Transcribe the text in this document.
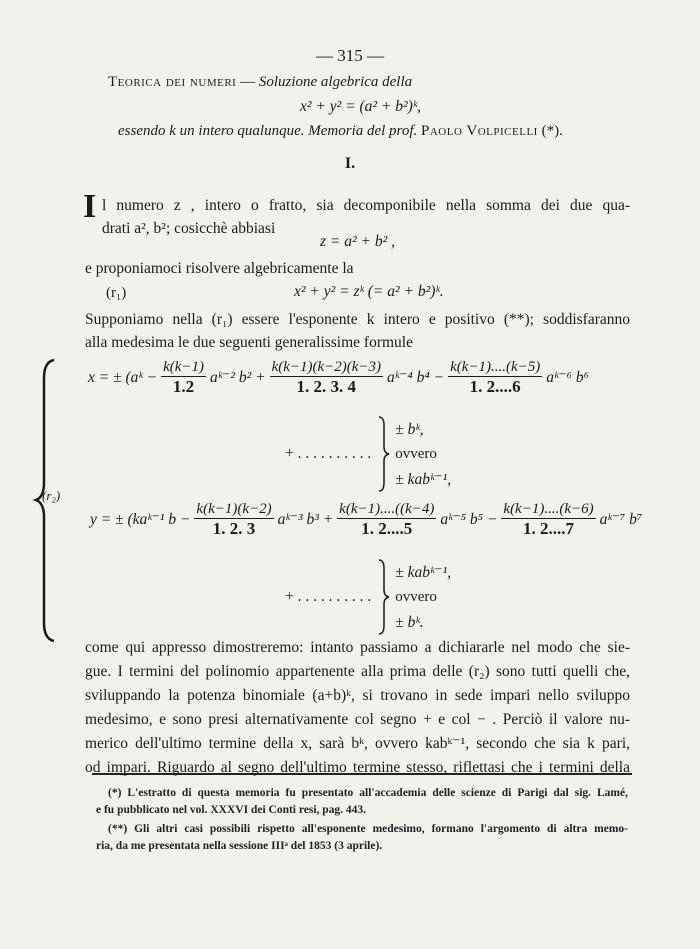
— 315 —
Teorica dei numeri — Soluzione algebrica della
x² + y² = (a² + b²)ᵏ,
essendo k un intero qualunque. Memoria del prof. Paolo Volpicelli (*).
I.
I l numero z , intero o fratto, sia decomponibile nella somma dei due qua-
drati a², b²; cosicchè abbiasi
z = a² + b² ,
e proponiamoci risolvere algebricamente la
(r₁)	x² + y² = zᵏ (= a² + b²)ᵏ.
Supponiamo nella (r₁) essere l'esponente k intero e positivo (**); soddisfaranno
alla medesima le due seguenti generalissime formule
(r₂)
x = ± (aᵏ − $\frac{k(k-1)}{1.2}$ aᵏ⁻² $b^2 + \frac{k(k-1)(k-2)(k-3)}{1. 2. 3. 4}$ aᵏ⁻⁴ $b^4 - \frac{k(k-1)....(k-5)}{1. 2....6}$ aᵏ⁻⁶ b⁶
+ . . . . . . . . . .
± bᵏ,
ovvero
± kabᵏ⁻¹,
y = ± (kaᵏ⁻¹ $b - \frac{k(k-1)(k-2)}{1. 2. 3}$ aᵏ⁻³ $b^3 + \frac{k(k-1)....((k-4)}{1. 2....5}$ aᵏ⁻⁵ $b^5 - \frac{k(k-1)....(k-6)}{1. 2....7}$ aᵏ⁻⁷ b⁷
+ . . . . . . . . . .
± kabᵏ⁻¹,
ovvero
± bᵏ.
come qui appresso dimostreremo: intanto passiamo a dichiararle nel modo che sie-
gue. I termini del polinomio appartenente alla prima delle (r₂) sono tutti quelli che,
sviluppando la potenza binomiale (a+b)ᵏ, si trovano in sede impari nello sviluppo
medesimo, e sono presi alternativamente col segno + e col − . Perciò il valore nu-
merico dell'ultimo termine della x, sarà bᵏ, ovvero kabᵏ⁻¹, secondo che sia k pari,
od impari. Riguardo al segno dell'ultimo termine stesso, riflettasi che i termini della
(*) L'estratto di questa memoria fu presentato all'accademia delle scienze di Parigi dal sig. Lamé,
e fu pubblicato nel vol. XXXVI dei Conti resi, pag. 443.
(**) Gli altri casi possibili rispetto all'esponente medesimo, formano l'argomento di altra memo-
ria, da me presentata nella sessione IIIᵃ del 1853 (3 aprile).
